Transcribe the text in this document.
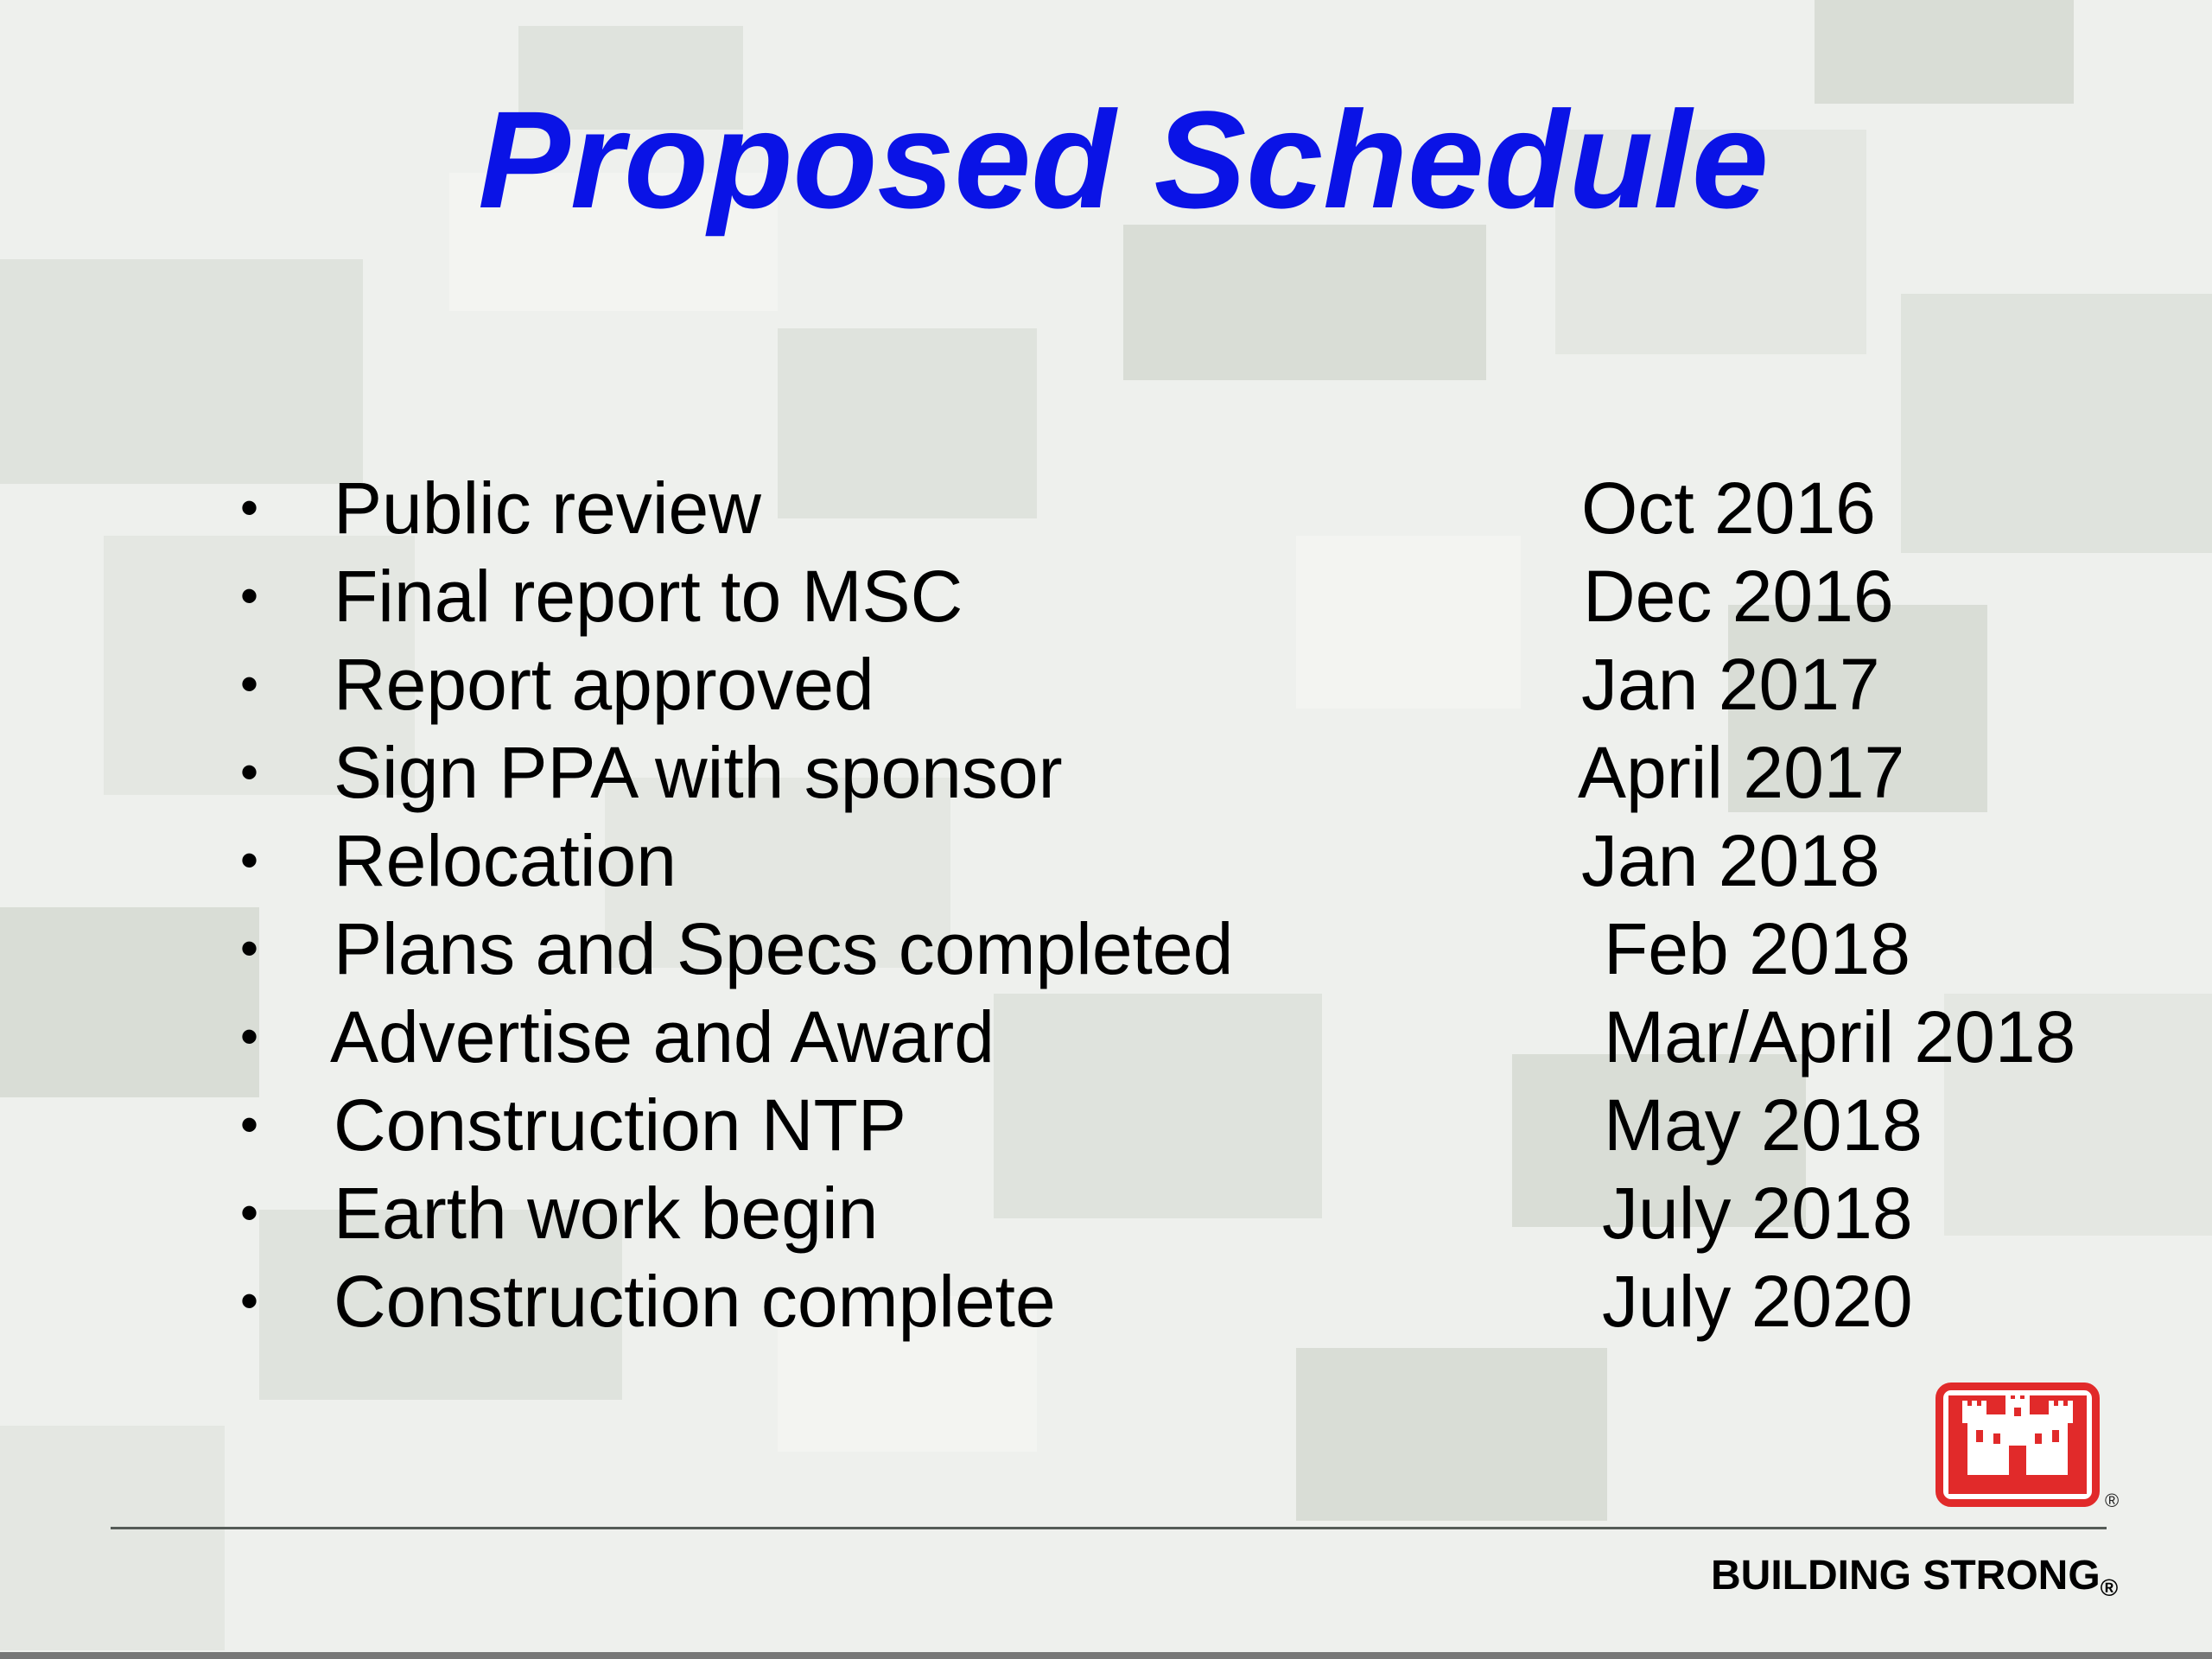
Proposed Schedule
• Public review	Oct 2016
• Final report to MSC	Dec 2016
• Report approved	Jan 2017
• Sign PPA with sponsor	April 2017
• Relocation	Jan 2018
• Plans and Specs completed	Feb 2018
• Advertise and Award	Mar/April 2018
• Construction NTP	May 2018
• Earth work begin	July 2018
• Construction complete	July 2020
®
BUILDING STRONG®
